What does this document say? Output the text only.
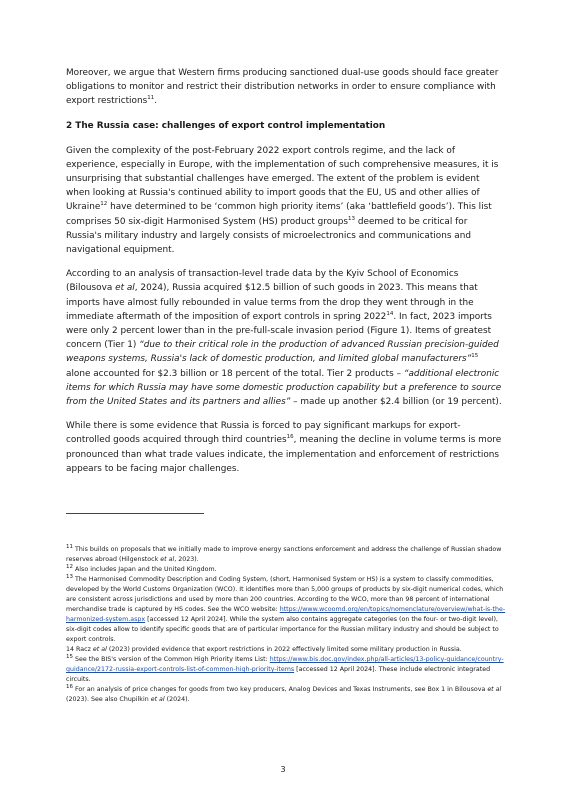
Moreover, we argue that Western firms producing sanctioned dual-use goods should face greater obligations to monitor and restrict their distribution networks in order to ensure compliance with export restrictions$^{11}$.

2 The Russia case: challenges of export control implementation

Given the complexity of the post-February 2022 export controls regime, and the lack of experience, especially in Europe, with the implementation of such comprehensive measures, it is unsurprising that substantial challenges have emerged. The extent of the problem is evident when looking at Russia's continued ability to import goods that the EU, US and other allies of Ukraine$^{12}$ have determined to be ‘common high priority items’ (aka ‘battlefield goods’). This list comprises 50 six-digit Harmonised System (HS) product groups$^{13}$ deemed to be critical for Russia's military industry and largely consists of microelectronics and communications and navigational equipment.

According to an analysis of transaction-level trade data by the Kyiv School of Economics (Bilousova et al, 2024), Russia acquired $12.5 billion of such goods in 2023. This means that imports have almost fully rebounded in value terms from the drop they went through in the immediate aftermath of the imposition of export controls in spring 2022$^{14}$. In fact, 2023 imports were only 2 percent lower than in the pre-full-scale invasion period (Figure 1). Items of greatest concern (Tier 1) “due to their critical role in the production of advanced Russian precision-guided weapons systems, Russia's lack of domestic production, and limited global manufacturers”$^{15}$ alone accounted for $2.3 billion or 18 percent of the total. Tier 2 products – “additional electronic items for which Russia may have some domestic production capability but a preference to source from the United States and its partners and allies” – made up another $2.4 billion (or 19 percent).

While there is some evidence that Russia is forced to pay significant markups for export-controlled goods acquired through third countries$^{16}$, meaning the decline in volume terms is more pronounced than what trade values indicate, the implementation and enforcement of restrictions appears to be facing major challenges.

$^{11}$ This builds on proposals that we initially made to improve energy sanctions enforcement and address the challenge of Russian shadow reserves abroad (Hilgenstock et al, 2023).

$^{12}$ Also includes Japan and the United Kingdom.

$^{13}$ The Harmonised Commodity Description and Coding System, (short, Harmonised System or HS) is a system to classify commodities, developed by the World Customs Organization (WCO). It identifies more than 5,000 groups of products by six-digit numerical codes, which are consistent across jurisdictions and used by more than 200 countries. According to the WCO, more than 98 percent of international merchandise trade is captured by HS codes. See the WCO website: https://www.wcoomd.org/en/topics/nomenclature/overview/what-is-the-harmonized-system.aspx [accessed 12 April 2024]. While the system also contains aggregate categories (on the four- or two-digit level), six-digit codes allow to identify specific goods that are of particular importance for the Russian military industry and should be subject to export controls.
14 Racz et al (2023) provided evidence that export restrictions in 2022 effectively limited some military production in Russia.

$^{15}$ See the BIS's version of the Common High Priority Items List: https://www.bis.doc.gov/index.php/all-articles/13-policy-guidance/country-guidance/2172-russia-export-controls-list-of-common-high-priority-items [accessed 12 April 2024]. These include electronic integrated circuits.

$^{16}$ For an analysis of price changes for goods from two key producers, Analog Devices and Texas Instruments, see Box 1 in Bilousova et al (2023). See also Chupilkin et al (2024).

3
